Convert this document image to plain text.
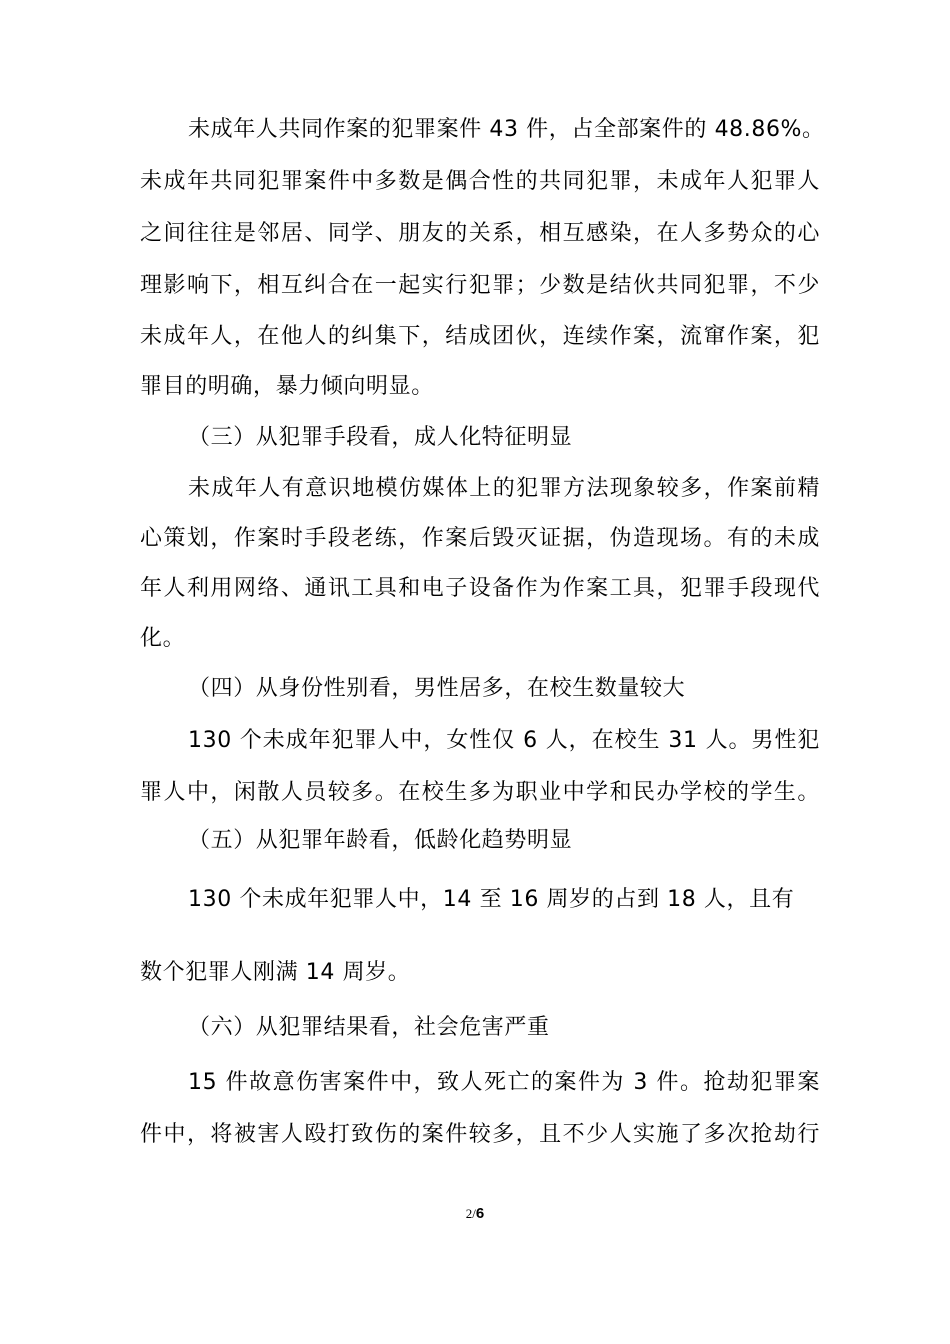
未成年人共同作案的犯罪案件 43 件，占全部案件的 48.86%。
未成年共同犯罪案件中多数是偶合性的共同犯罪，未成年人犯罪人
之间往往是邻居、同学、朋友的关系，相互感染，在人多势众的心
理影响下，相互纠合在一起实行犯罪；少数是结伙共同犯罪，不少
未成年人，在他人的纠集下，结成团伙，连续作案，流窜作案，犯
罪目的明确，暴力倾向明显。
（三）从犯罪手段看，成人化特征明显
未成年人有意识地模仿媒体上的犯罪方法现象较多，作案前精
心策划，作案时手段老练，作案后毁灭证据，伪造现场。有的未成
年人利用网络、通讯工具和电子设备作为作案工具，犯罪手段现代
化。
（四）从身份性别看，男性居多，在校生数量较大
130 个未成年犯罪人中，女性仅 6 人，在校生 31 人。男性犯
罪人中，闲散人员较多。在校生多为职业中学和民办学校的学生。
（五）从犯罪年龄看，低龄化趋势明显
130 个未成年犯罪人中，14 至 16 周岁的占到 18 人，且有
数个犯罪人刚满 14 周岁。
（六）从犯罪结果看，社会危害严重
15 件故意伤害案件中，致人死亡的案件为 3 件。抢劫犯罪案
件中，将被害人殴打致伤的案件较多，且不少人实施了多次抢劫行
2/6
